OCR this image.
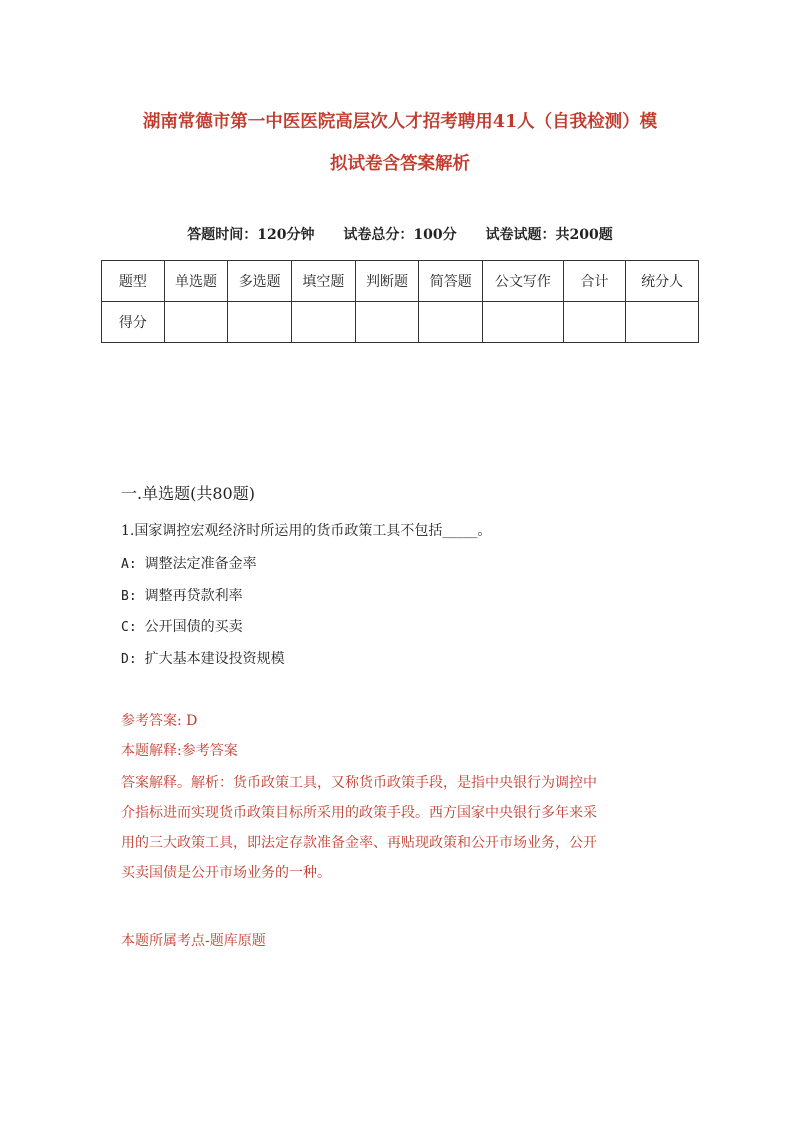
湖南常德市第一中医医院高层次人才招考聘用41人（自我检测）模
拟试卷含答案解析
答题时间：120分钟 试卷总分：100分 试卷试题：共200题
题型	单选题	多选题	填空题	判断题	简答题	公文写作	合计	统分人
得分								
一.单选题(共80题)
1.国家调控宏观经济时所运用的货币政策工具不包括_____。
A: 调整法定准备金率
B: 调整再贷款利率
C: 公开国债的买卖
D: 扩大基本建设投资规模
参考答案: D
本题解释:参考答案
答案解释。解析：货币政策工具，又称货币政策手段，是指中央银行为调控中
介指标进而实现货币政策目标所采用的政策手段。西方国家中央银行多年来采
用的三大政策工具，即法定存款准备金率、再贴现政策和公开市场业务，公开
买卖国债是公开市场业务的一种。
本题所属考点-题库原题
